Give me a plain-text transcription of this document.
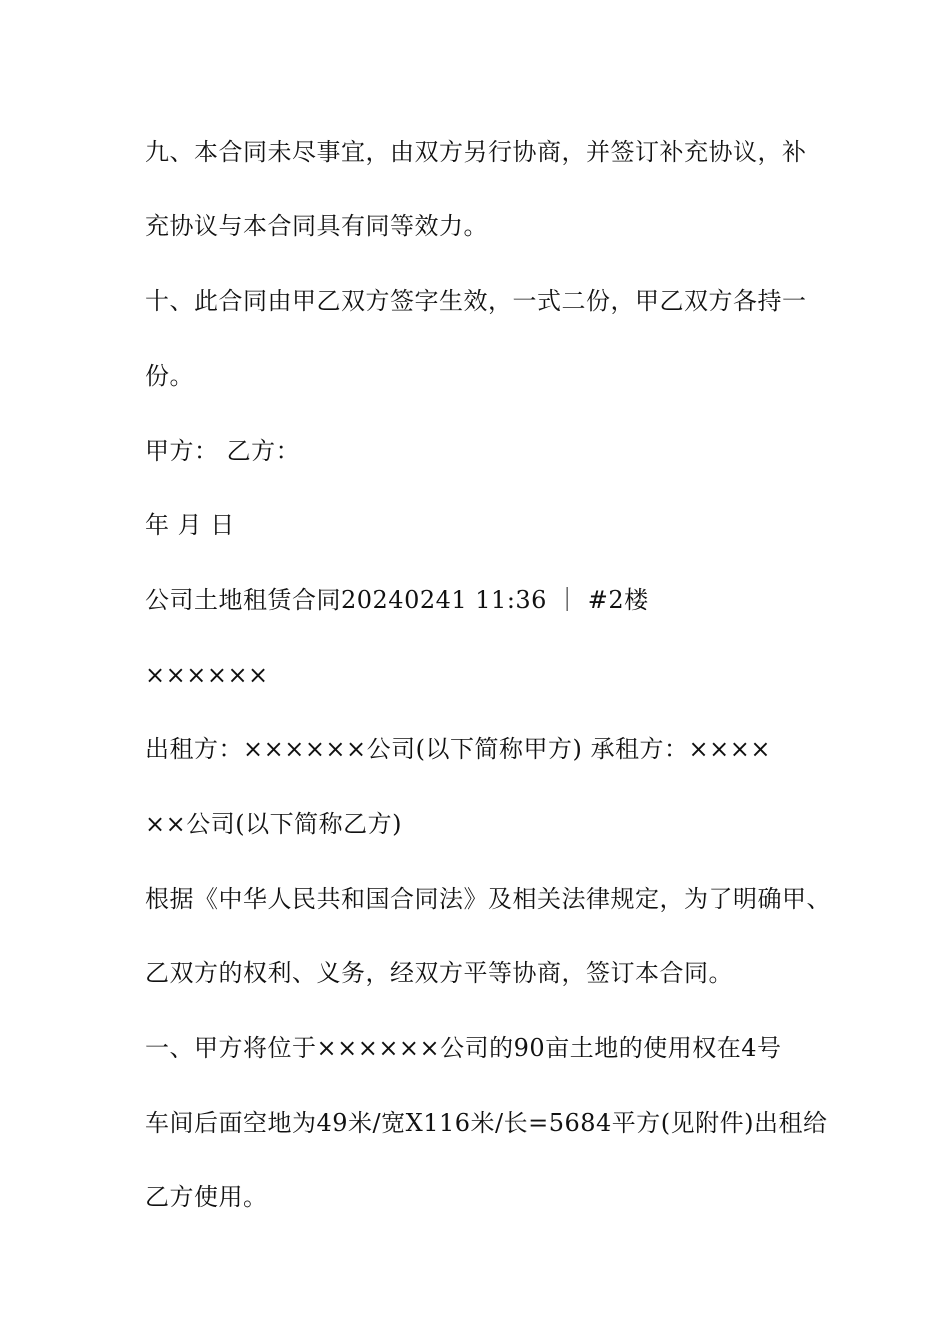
九、本合同未尽事宜，由双方另行协商，并签订补充协议，补

充协议与本合同具有同等效力。

十、此合同由甲乙双方签字生效，一式二份，甲乙双方各持一

份。

甲方： 乙方：

年 月 日

公司土地租赁合同20240241 11:36 ｜ #2楼

××××××

出租方：××××××公司(以下简称甲方) 承租方：××××

××公司(以下简称乙方)

根据《中华人民共和国合同法》及相关法律规定，为了明确甲、

乙双方的权利、义务，经双方平等协商，签订本合同。

一、甲方将位于××××××公司的90亩土地的使用权在4号

车间后面空地为49米/宽X116米/长=5684平方(见附件)出租给

乙方使用。
